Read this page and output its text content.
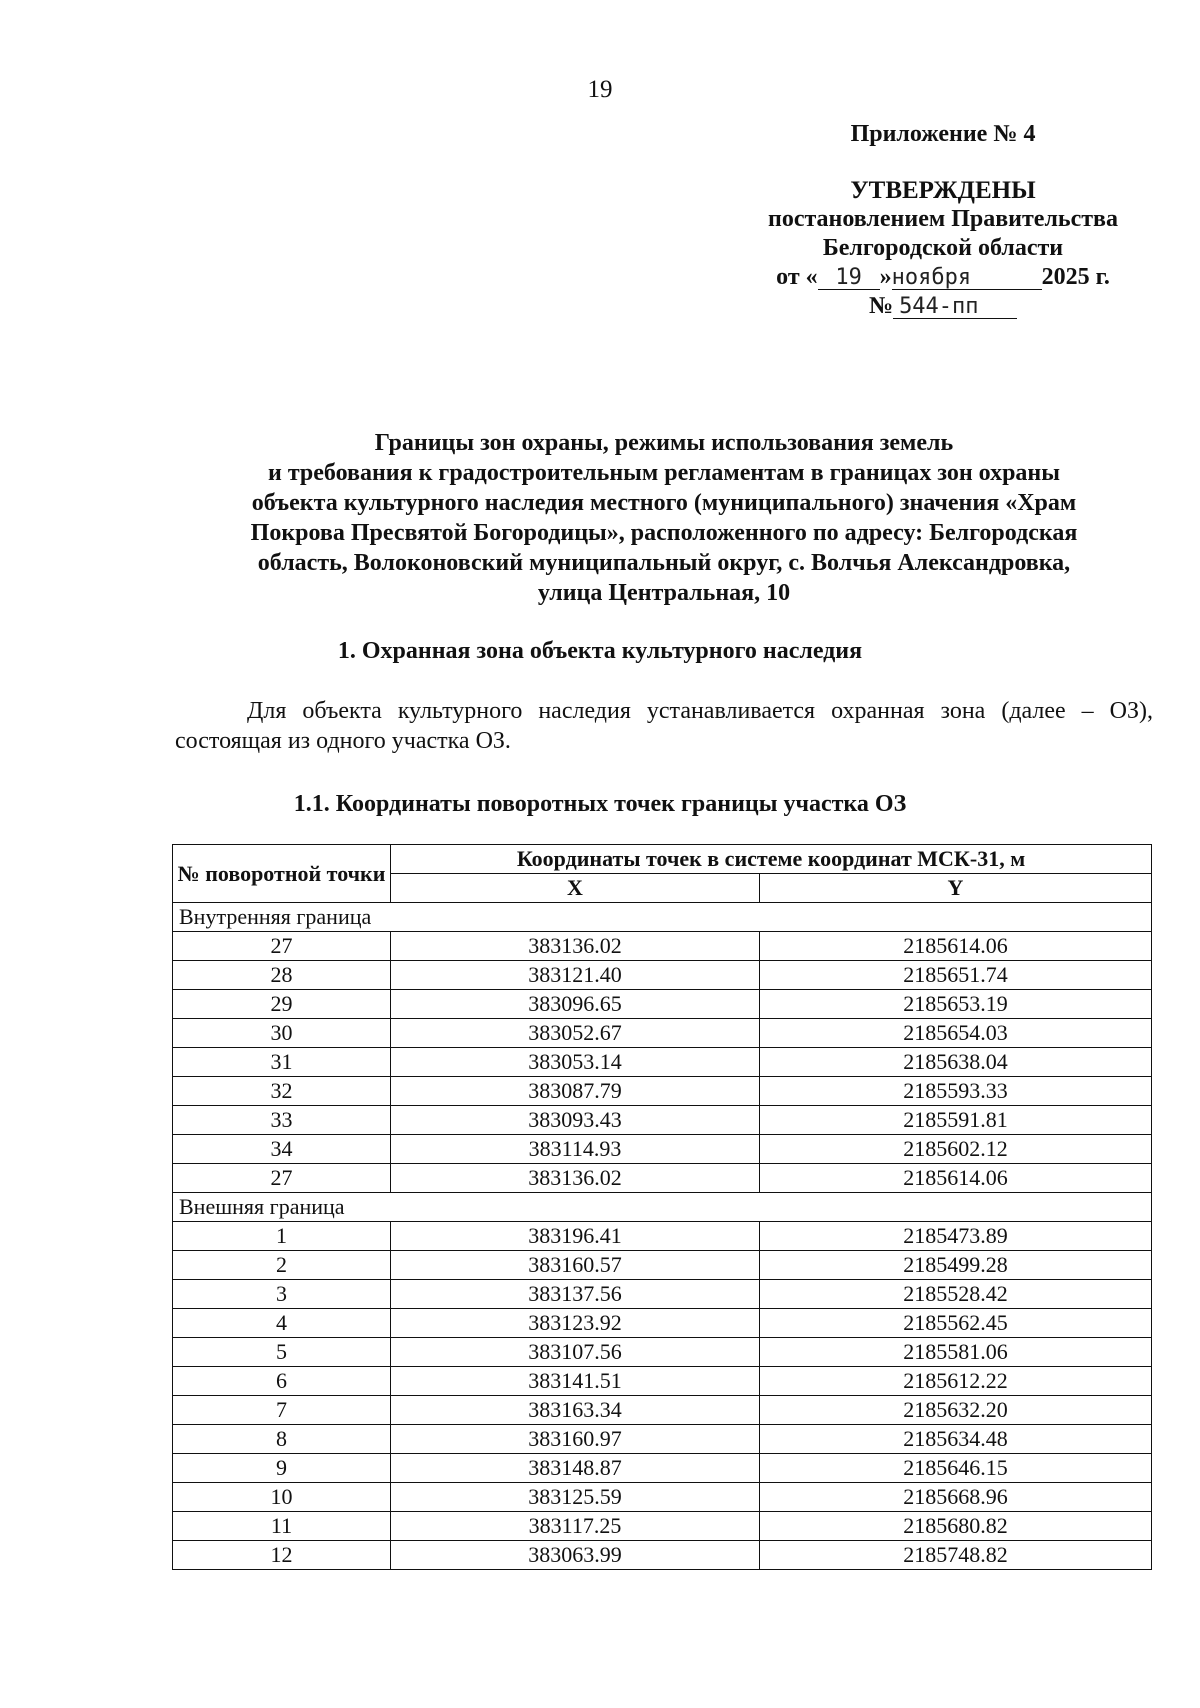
19
Приложение № 4
УТВЕРЖДЕНЫ
постановлением Правительства
Белгородской области
от « 19 »ноября	2025 г.
№ 544-пп
Границы зон охраны, режимы использования земель
и требования к градостроительным регламентам в границах зон охраны
объекта культурного наследия местного (муниципального) значения «Храм
Покрова Пресвятой Богородицы», расположенного по адресу: Белгородская
область, Волоконовский муниципальный округ, с. Волчья Александровка,
улица Центральная, 10
1. Охранная зона объекта культурного наследия
Для объекта культурного наследия устанавливается охранная зона (далее – ОЗ), состоящая из одного участка ОЗ.
1.1. Координаты поворотных точек границы участка ОЗ
№ поворотной точки	Координаты точек в системе координат МСК-31, м	
	X	Y
Внутренняя граница		
27	383136.02	2185614.06
28	383121.40	2185651.74
29	383096.65	2185653.19
30	383052.67	2185654.03
31	383053.14	2185638.04
32	383087.79	2185593.33
33	383093.43	2185591.81
34	383114.93	2185602.12
27	383136.02	2185614.06
Внешняя граница		
1	383196.41	2185473.89
2	383160.57	2185499.28
3	383137.56	2185528.42
4	383123.92	2185562.45
5	383107.56	2185581.06
6	383141.51	2185612.22
7	383163.34	2185632.20
8	383160.97	2185634.48
9	383148.87	2185646.15
10	383125.59	2185668.96
11	383117.25	2185680.82
12	383063.99	2185748.82
